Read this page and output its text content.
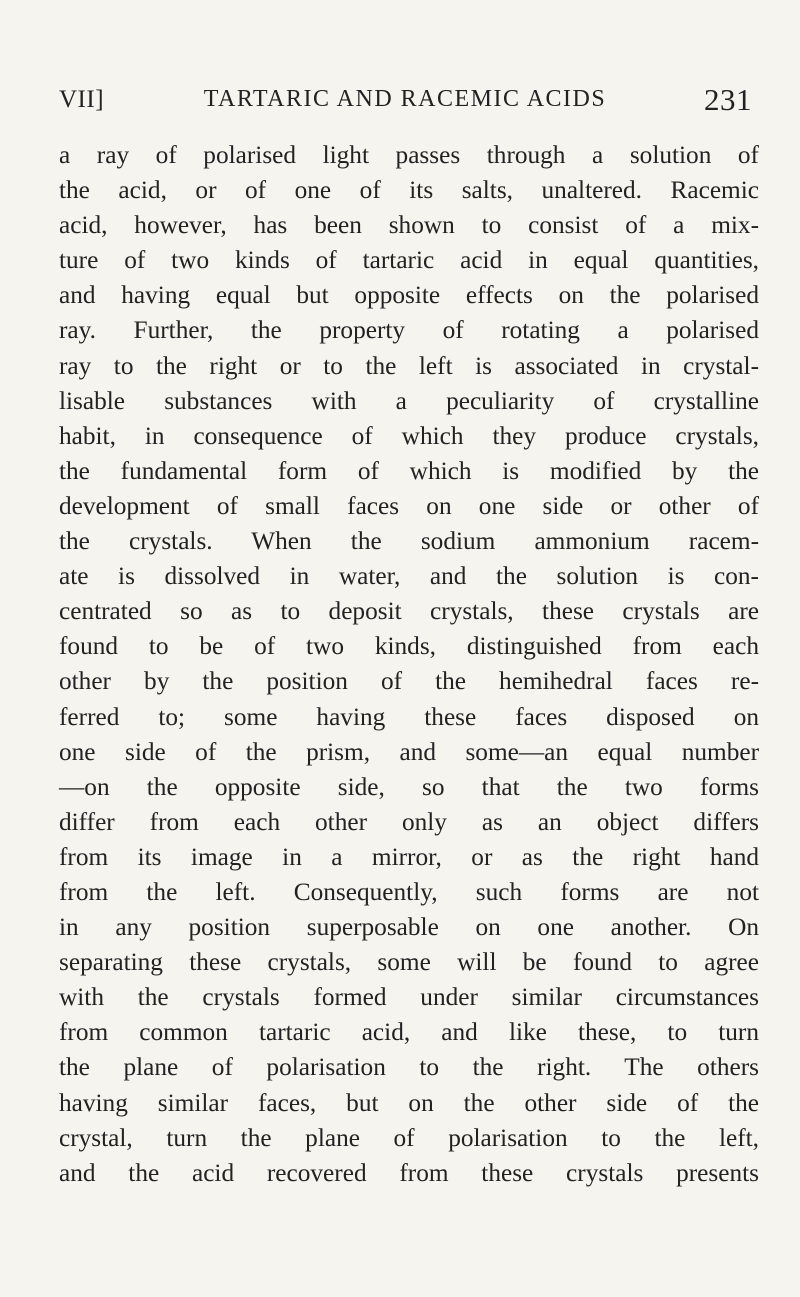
VII]	TARTARIC AND RACEMIC ACIDS	231
a ray of polarised light passes through a solution of
the acid, or of one of its salts, unaltered. Racemic
acid, however, has been shown to consist of a mix-
ture of two kinds of tartaric acid in equal quantities,
and having equal but opposite effects on the polarised
ray. Further, the property of rotating a polarised
ray to the right or to the left is associated in crystal-
lisable substances with a peculiarity of crystalline
habit, in consequence of which they produce crystals,
the fundamental form of which is modified by the
development of small faces on one side or other of
the crystals. When the sodium ammonium racem-
ate is dissolved in water, and the solution is con-
centrated so as to deposit crystals, these crystals are
found to be of two kinds, distinguished from each
other by the position of the hemihedral faces re-
ferred to; some having these faces disposed on
one side of the prism, and some—an equal number
—on the opposite side, so that the two forms
differ from each other only as an object differs
from its image in a mirror, or as the right hand
from the left. Consequently, such forms are not
in any position superposable on one another. On
separating these crystals, some will be found to agree
with the crystals formed under similar circumstances
from common tartaric acid, and like these, to turn
the plane of polarisation to the right. The others
having similar faces, but on the other side of the
crystal, turn the plane of polarisation to the left,
and the acid recovered from these crystals presents
